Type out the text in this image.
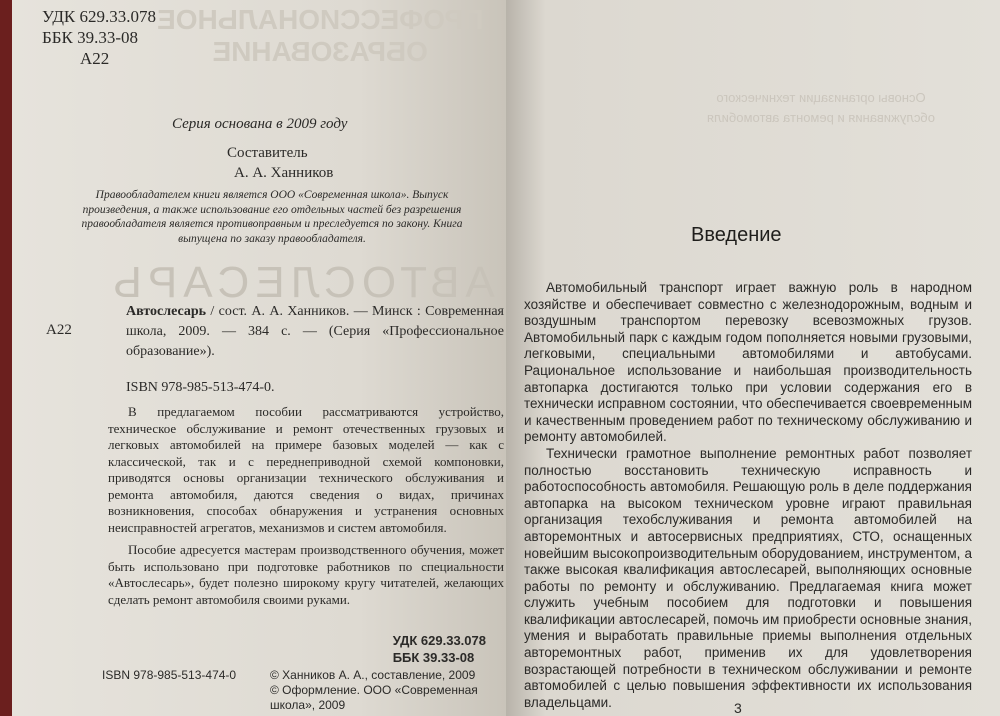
ПРОФЕССИОНАЛЬНОЕ
ОБРАЗОВАНИЕ
УДК 629.33.078
ББК 39.33-08
А22
Серия основана в 2009 году
Составитель
А. А. Ханников
Правообладателем книги является ООО «Современная школа». Выпуск произведения, а также использование его отдельных частей без разрешения правообладателя является противоправным и преследуется по закону. Книга выпущена по заказу правообладателя.
АВТОСЛЕСАРЬ
А22
Автослесарь / сост. А. А. Ханников. — Минск : Современная школа, 2009. — 384 с. — (Серия «Профессиональное образование»).
ISBN 978-985-513-474-0.

В предлагаемом пособии рассматриваются устройство, техническое обслуживание и ремонт отечественных грузовых и легковых автомобилей на примере базовых моделей — как с классической, так и с переднеприводной схемой компоновки, приводятся основы организации технического обслуживания и ремонта автомобиля, даются сведения о видах, причинах возникновения, способах обнаружения и устранения основных неисправностей агрегатов, механизмов и систем автомобиля.

Пособие адресуется мастерам производственного обучения, может быть использовано при подготовке работников по специальности «Автослесарь», будет полезно широкому кругу читателей, желающих сделать ремонт автомобиля своими руками.

УДК 629.33.078
ББК 39.33-08
ISBN 978-985-513-474-0	© Ханников А. А., составление, 2009
© Оформление. ООО «Современная школа», 2009
Основы организации технического
обслуживания и ремонта автомобиля
Введение

Автомобильный транспорт играет важную роль в народном хозяйстве и обеспечивает совместно с железнодорожным, водным и воздушным транспортом перевозку всевозможных грузов. Автомобильный парк с каждым годом пополняется новыми грузовыми, легковыми, специальными автомобилями и автобусами. Рациональное использование и наибольшая производительность автопарка достигаются только при условии содержания его в технически исправном состоянии, что обеспечивается своевременным и качественным проведением работ по техническому обслуживанию и ремонту автомобилей.

Технически грамотное выполнение ремонтных работ позволяет полностью восстановить техническую исправность и работоспособность автомобиля. Решающую роль в деле поддержания автопарка на высоком техническом уровне играют правильная организация техобслуживания и ремонта автомобилей на авторемонтных и автосервисных предприятиях, СТО, оснащенных новейшим высокопроизводительным оборудованием, инструментом, а также высокая квалификация автослесарей, выполняющих основные работы по ремонту и обслуживанию. Предлагаемая книга может служить учебным пособием для подготовки и повышения квалификации автослесарей, помочь им приобрести основные знания, умения и выработать правильные приемы выполнения отдельных авторемонтных работ, применив их для удовлетворения возрастающей потребности в техническом обслуживании и ремонте автомобилей с целью повышения эффективности их использования владельцами.	3
